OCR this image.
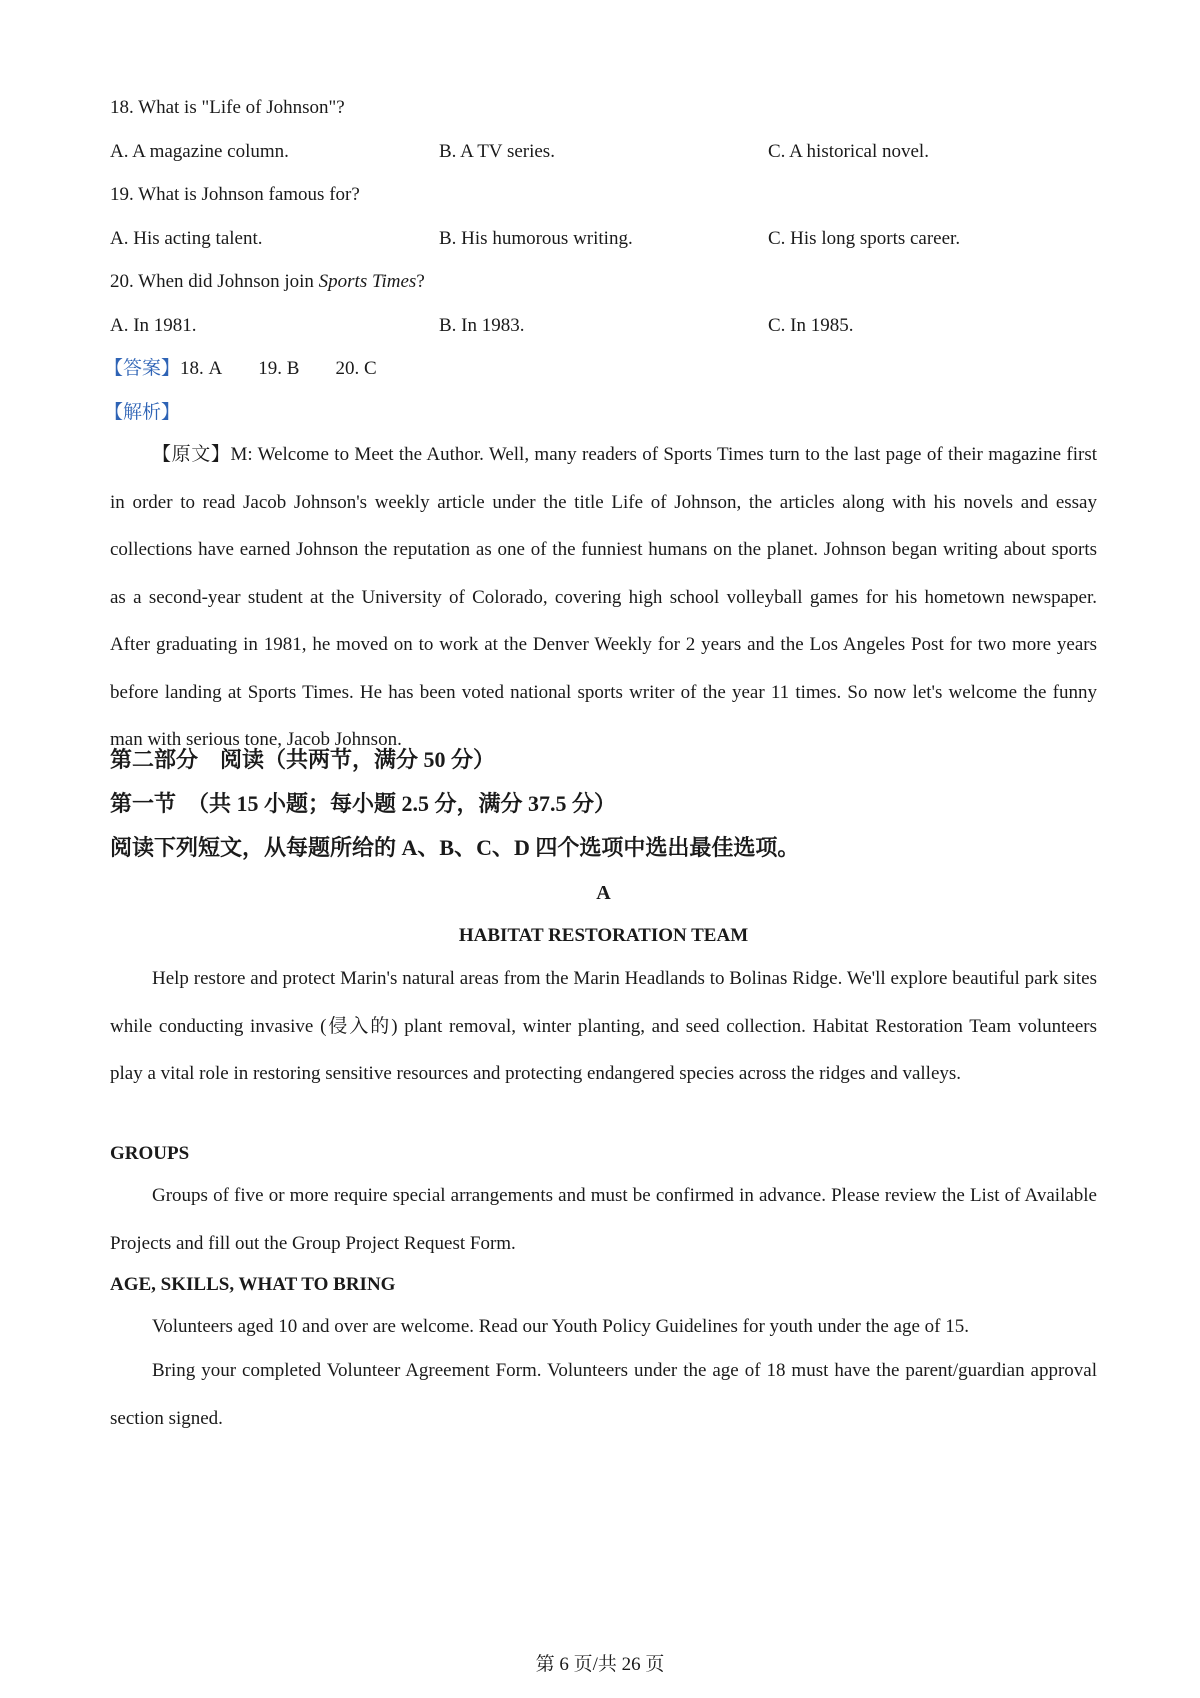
18. What is "Life of Johnson"?
A. A magazine column.	B. A TV series.	C. A historical novel.
19. What is Johnson famous for?
A. His acting talent.	B. His humorous writing.	C. His long sports career.
20. When did Johnson join Sports Times?
A. In 1981.	B. In 1983.	C. In 1985.
【答案】18. A 19. B 20. C
【解析】

【原文】M: Welcome to Meet the Author. Well, many readers of Sports Times turn to the last page of their magazine first in order to read Jacob Johnson's weekly article under the title Life of Johnson, the articles along with his novels and essay collections have earned Johnson the reputation as one of the funniest humans on the planet. Johnson began writing about sports as a second-year student at the University of Colorado, covering high school volleyball games for his hometown newspaper. After graduating in 1981, he moved on to work at the Denver Weekly for 2 years and the Los Angeles Post for two more years before landing at Sports Times. He has been voted national sports writer of the year 11 times. So now let's welcome the funny man with serious tone, Jacob Johnson.

第二部分　阅读（共两节，满分 50 分）
第一节　（共 15 小题；每小题 2.5 分，满分 37.5 分）
阅读下列短文，从每题所给的 A、B、C、D 四个选项中选出最佳选项。
A
HABITAT RESTORATION TEAM

Help restore and protect Marin's natural areas from the Marin Headlands to Bolinas Ridge. We'll explore beautiful park sites while conducting invasive (侵入的) plant removal, winter planting, and seed collection. Habitat Restoration Team volunteers play a vital role in restoring sensitive resources and protecting endangered species across the ridges and valleys.

GROUPS

Groups of five or more require special arrangements and must be confirmed in advance. Please review the List of Available Projects and fill out the Group Project Request Form.

AGE, SKILLS, WHAT TO BRING

Volunteers aged 10 and over are welcome. Read our Youth Policy Guidelines for youth under the age of 15.

Bring your completed Volunteer Agreement Form. Volunteers under the age of 18 must have the parent/guardian approval section signed.

第 6 页/共 26 页
